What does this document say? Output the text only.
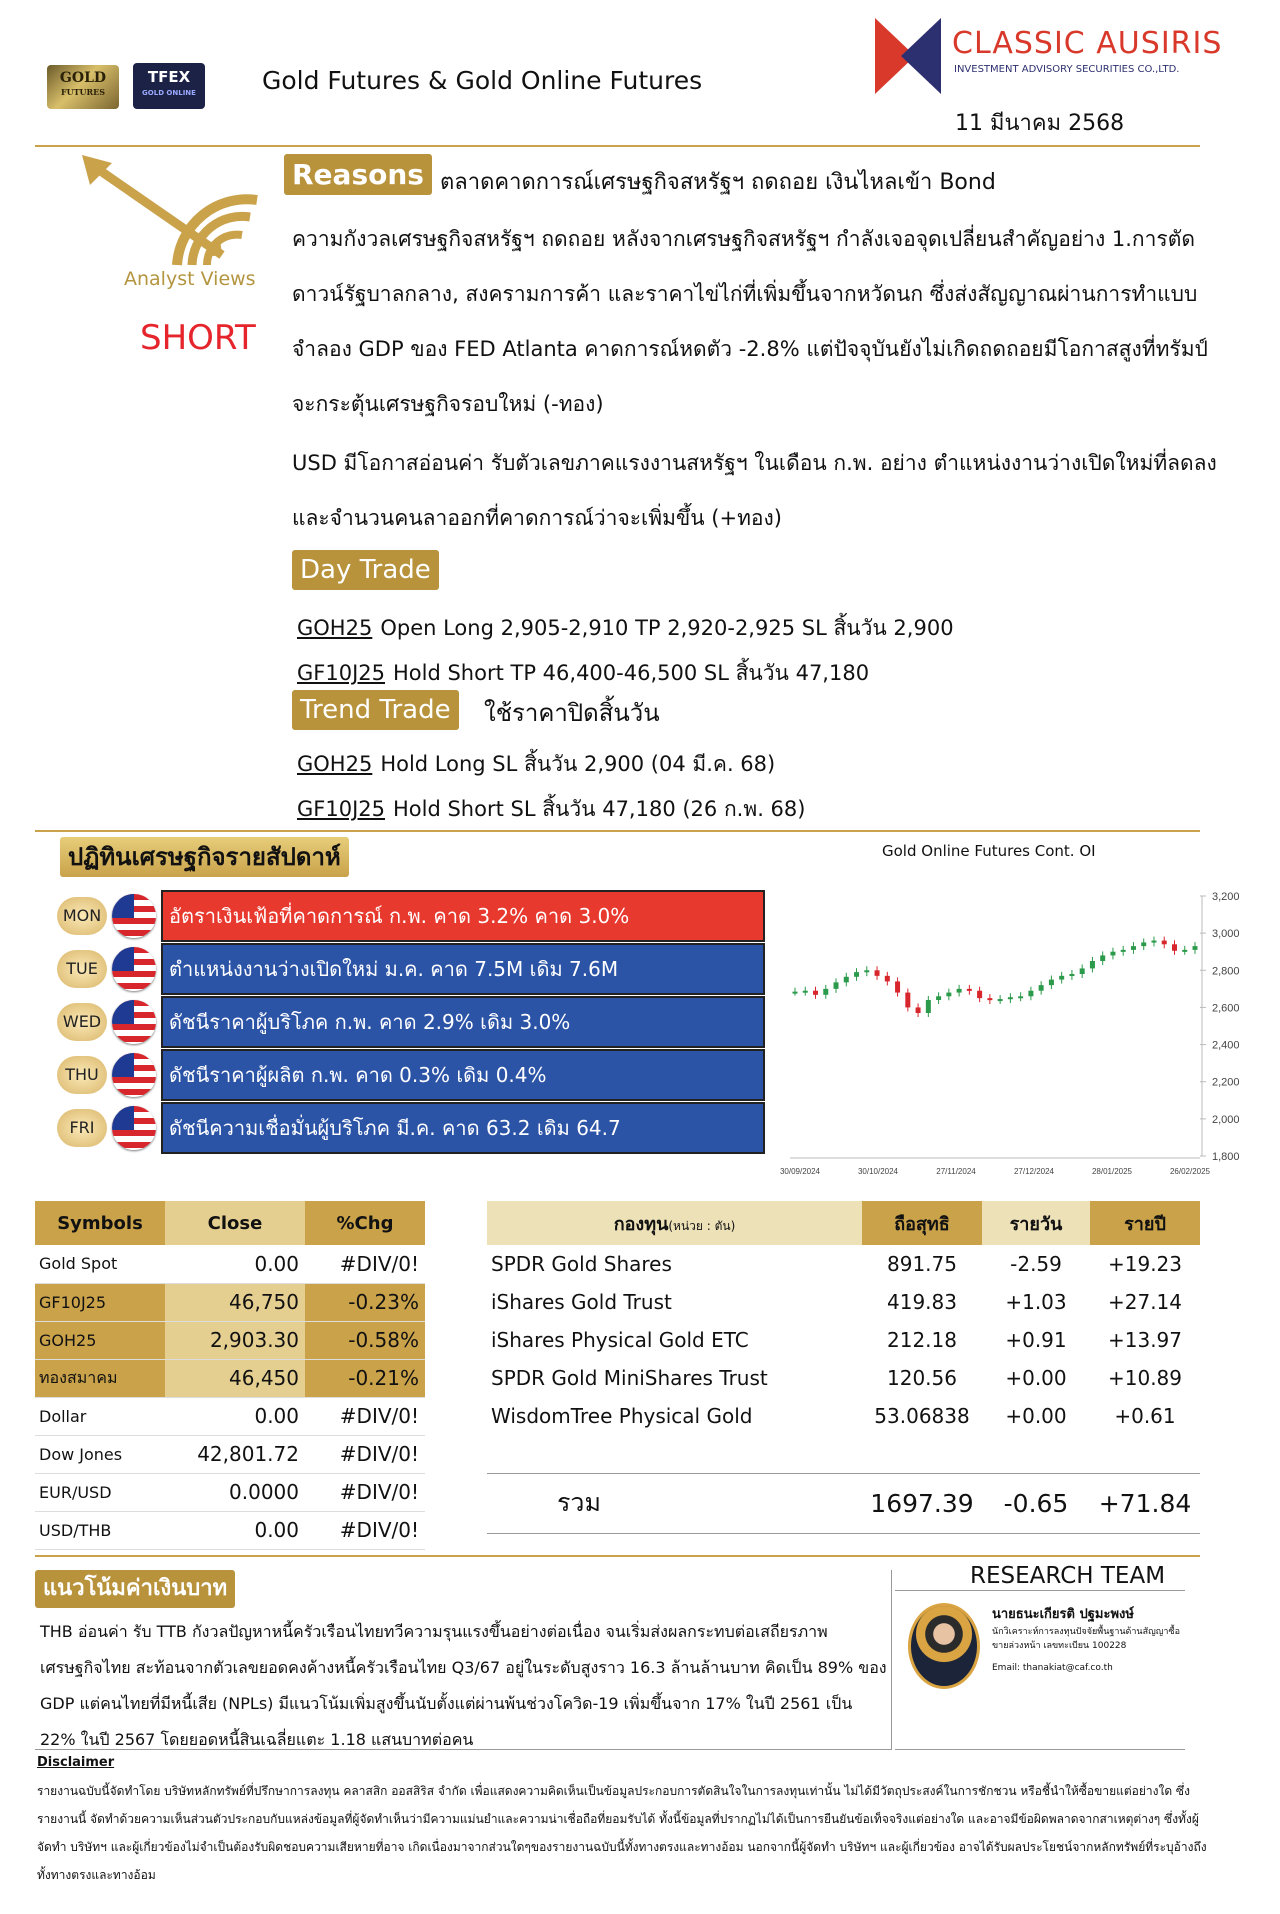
GOLD
FUTURES
TFEX
GOLD ONLINE	Gold Futures & Gold Online Futures
CLASSIC AUSIRIS
INVESTMENT ADVISORY SECURITIES CO.,LTD.
11 มีนาคม 2568
Analyst Views
SHORT
Reasons ตลาดคาดการณ์เศรษฐกิจสหรัฐฯ ถดถอย เงินไหลเข้า Bond
ความกังวลเศรษฐกิจสหรัฐฯ ถดถอย หลังจากเศรษฐกิจสหรัฐฯ กำลังเจอจุดเปลี่ยนสำคัญอย่าง 1.การตัดดาวน์รัฐบาลกลาง, สงครามการค้า และราคาไข่ไก่ที่เพิ่มขึ้นจากหวัดนก ซึ่งส่งสัญญาณผ่านการทำแบบจำลอง GDP ของ FED Atlanta คาดการณ์หดตัว -2.8% แต่ปัจจุบันยังไม่เกิดถดถอยมีโอกาสสูงที่ทรัมป์จะกระตุ้นเศรษฐกิจรอบใหม่ (-ทอง)
USD มีโอกาสอ่อนค่า รับตัวเลขภาคแรงงานสหรัฐฯ ในเดือน ก.พ. อย่าง ตำแหน่งงานว่างเปิดใหม่ที่ลดลง และจำนวนคนลาออกที่คาดการณ์ว่าจะเพิ่มขึ้น (+ทอง)
Day Trade
GOH25 Open Long 2,905-2,910 TP 2,920-2,925 SL สิ้นวัน 2,900
GF10J25 Hold Short TP 46,400-46,500 SL สิ้นวัน 47,180
Trend Trade	ใช้ราคาปิดสิ้นวัน
GOH25 Hold Long SL สิ้นวัน 2,900 (04 มี.ค. 68)
GF10J25 Hold Short SL สิ้นวัน 47,180 (26 ก.พ. 68)
ปฏิทินเศรษฐกิจรายสัปดาห์
MON	อัตราเงินเฟ้อที่คาดการณ์ ก.พ. คาด 3.2% คาด 3.0%
TUE	ตำแหน่งงานว่างเปิดใหม่ ม.ค. คาด 7.5M เดิม 7.6M
WED	ดัชนีราคาผู้บริโภค ก.พ. คาด 2.9% เดิม 3.0%
THU	ดัชนีราคาผู้ผลิต ก.พ. คาด 0.3% เดิม 0.4%
FRI	ดัชนีความเชื่อมั่นผู้บริโภค มี.ค. คาด 63.2 เดิม 64.7
Gold Online Futures Cont. OI
3,200
3,000
2,800
2,600
2,400
2,200
2,000
1,800
30/09/2024	30/10/2024	27/11/2024	27/12/2024	28/01/2025	26/02/2025
Symbols	Close	%Chg
Gold Spot	0.00	#DIV/0!
GF10J25	46,750	-0.23%
GOH25	2,903.30	-0.58%
ทองสมาคม	46,450	-0.21%
Dollar	0.00	#DIV/0!
Dow Jones	42,801.72	#DIV/0!
EUR/USD	0.0000	#DIV/0!
USD/THB	0.00	#DIV/0!
กองทุน(หน่วย : ตัน)	ถือสุทธิ	รายวัน	รายปี
SPDR Gold Shares	891.75	-2.59	+19.23
iShares Gold Trust	419.83	+1.03	+27.14
iShares Physical Gold ETC	212.18	+0.91	+13.97
SPDR Gold MiniShares Trust	120.56	+0.00	+10.89
WisdomTree Physical Gold	53.06838	+0.00	+0.61

รวม	1697.39	-0.65	+71.84
แนวโน้มค่าเงินบาท
THB อ่อนค่า รับ TTB กังวลปัญหาหนี้ครัวเรือนไทยทวีความรุนแรงขึ้นอย่างต่อเนื่อง จนเริ่มส่งผลกระทบต่อเสถียรภาพเศรษฐกิจไทย สะท้อนจากตัวเลขยอดคงค้างหนี้ครัวเรือนไทย Q3/67 อยู่ในระดับสูงราว 16.3 ล้านล้านบาท คิดเป็น 89% ของ GDP แต่คนไทยที่มีหนี้เสีย (NPLs) มีแนวโน้มเพิ่มสูงขึ้นนับตั้งแต่ผ่านพ้นช่วงโควิด-19 เพิ่มขึ้นจาก 17% ในปี 2561 เป็น 22% ในปี 2567 โดยยอดหนี้สินเฉลี่ยแตะ 1.18 แสนบาทต่อคน
RESEARCH TEAM
นายธนะเกียรติ ปฐมะพงษ์
นักวิเคราะห์การลงทุนปัจจัยพื้นฐานด้านสัญญาซื้อขายล่วงหน้า เลขทะเบียน 100228
Email: thanakiat@caf.co.th
Disclaimer
รายงานฉบับนี้จัดทำโดย บริษัทหลักทรัพย์ที่ปรึกษาการลงทุน คลาสสิก ออสสิริส จำกัด เพื่อแสดงความคิดเห็นเป็นข้อมูลประกอบการตัดสินใจในการลงทุนเท่านั้น ไม่ได้มีวัตถุประสงค์ในการชักชวน หรือชี้นำให้ซื้อขายแต่อย่างใด ซึ่งรายงานนี้ จัดทำด้วยความเห็นส่วนตัวประกอบกับแหล่งข้อมูลที่ผู้จัดทำเห็นว่ามีความแม่นยำและความน่าเชื่อถือที่ยอมรับได้ ทั้งนี้ข้อมูลที่ปรากฏไม่ได้เป็นการยืนยันข้อเท็จจริงแต่อย่างใด และอาจมีข้อผิดพลาดจากสาเหตุต่างๆ ซึ่งทั้งผู้จัดทำ บริษัทฯ และผู้เกี่ยวข้องไม่จำเป็นต้องรับผิดชอบความเสียหายที่อาจ เกิดเนื่องมาจากส่วนใดๆของรายงานฉบับนี้ทั้งทางตรงและทางอ้อม นอกจากนี้ผู้จัดทำ บริษัทฯ และผู้เกี่ยวข้อง อาจได้รับผลประโยชน์จากหลักทรัพย์ที่ระบุอ้างถึงทั้งทางตรงและทางอ้อม
